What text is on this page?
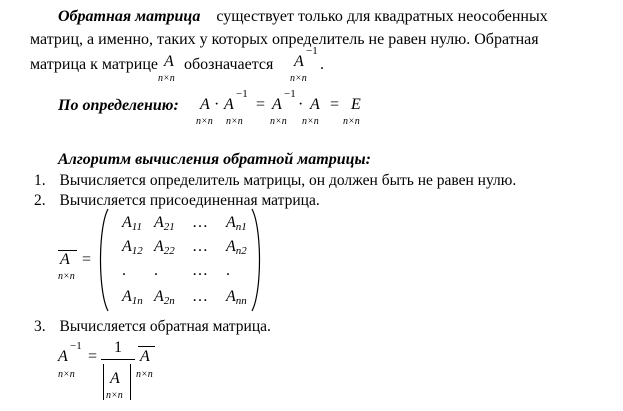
Обратная матрица существует только для квадратных неособенных
матриц, а именно, таких у которых определитель не равен нулю. Обратная
матрица к матрице A
n×n
обозначается A
−1
.
n×n
По определению: A · A
−1
= A
−1
· A = E
n×n n×n	n×n n×n n×n
Алгоритм вычисления обратной матрицы:
1. Вычисляется определитель матрицы, он должен быть не равен нулю.
2. Вычисляется присоединенная матрица.
A =
n×n
A11 A21 … An1
A12 A22 … An2
. . … .
A1n A2n … Ann
3. Вычисляется обратная матрица.
A
−1
n×n
=
1
A
n×n
A
n×n
